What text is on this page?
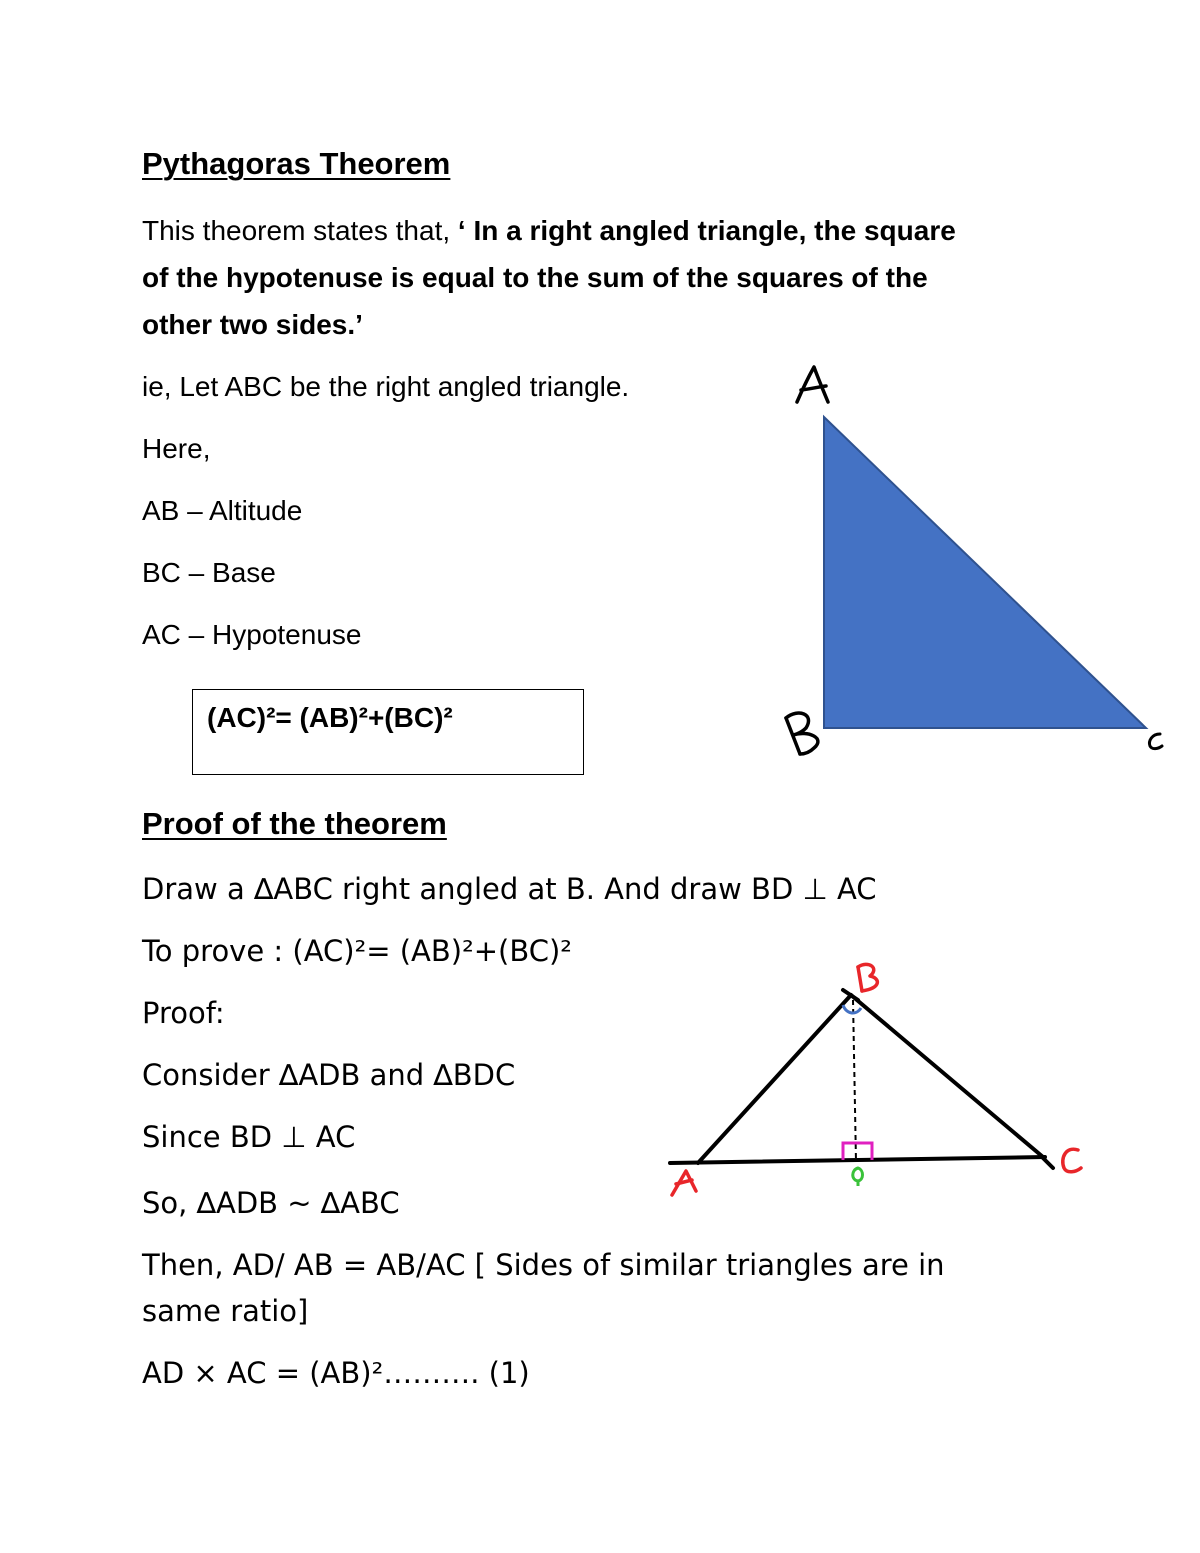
Pythagoras Theorem
This theorem states that, ‘ In a right angled triangle, the square
of the hypotenuse is equal to the sum of the squares of the
other two sides.’
ie, Let ABC be the right angled triangle.
Here,
AB – Altitude
BC – Base
AC – Hypotenuse
(AC)²= (AB)²+(BC)²
Proof of the theorem
Draw a ∆ABC right angled at B. And draw BD ⊥ AC
To prove : (AC)²= (AB)²+(BC)²
Proof:
Consider ∆ADB and ∆BDC
Since BD ⊥ AC
So, ∆ADB ~ ∆ABC
Then, AD/ AB = AB/AC [ Sides of similar triangles are in
same ratio]
AD × AC = (AB)²………. (1)
